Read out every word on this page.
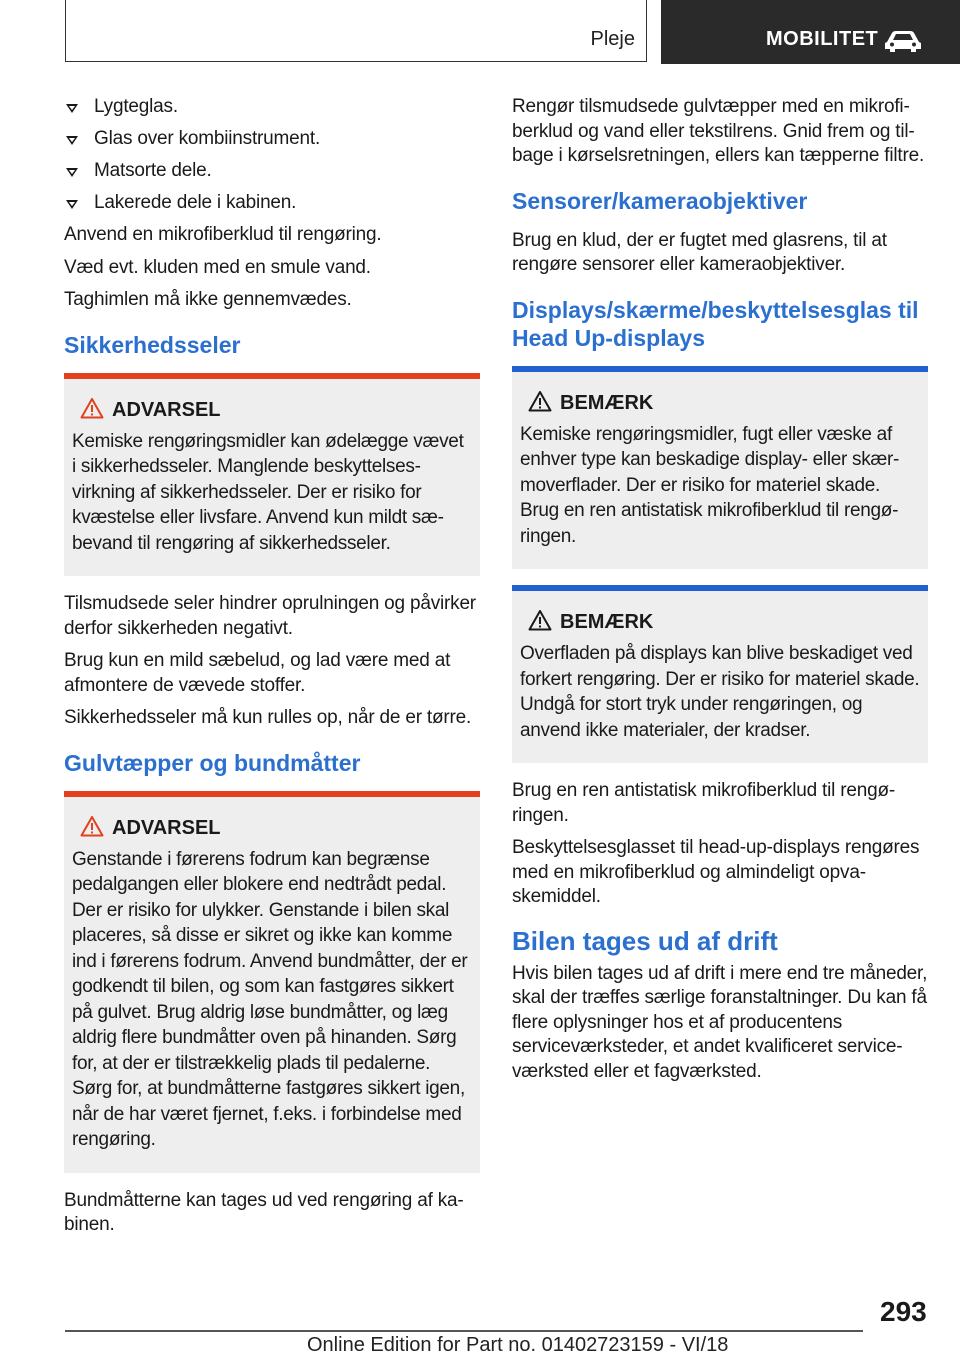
Pleje	MOBILITET
Lygteglas.
Glas over kombiinstrument.
Matsorte dele.
Lakerede dele i kabinen.

Anvend en mikrofiberklud til rengøring.

Væd evt. kluden med en smule vand.

Taghimlen må ikke gennemvædes.

Sikkerhedsseler
ADVARSEL
Kemiske rengøringsmidler kan ødelægge vævet i sikkerhedsseler. Manglende beskyttelsesvirkning af sikkerhedsseler. Der er risiko for kvæstelse eller livsfare. Anvend kun mildt sæbevand til rengøring af sikkerhedsseler.

Tilsmudsede seler hindrer oprulningen og påvirker derfor sikkerheden negativt.

Brug kun en mild sæbelud, og lad være med at afmontere de vævede stoffer.

Sikkerhedsseler må kun rulles op, når de er tørre.

Gulvtæpper og bundmåtter
ADVARSEL
Genstande i førerens fodrum kan begrænse pedalgangen eller blokere end nedtrådt pedal. Der er risiko for ulykker. Genstande i bilen skal placeres, så disse er sikret og ikke kan komme ind i førerens fodrum. Anvend bundmåtter, der er godkendt til bilen, og som kan fastgøres sikkert på gulvet. Brug aldrig løse bundmåtter, og læg aldrig flere bundmåtter oven på hinanden. Sørg for, at der er tilstrækkelig plads til pedalerne. Sørg for, at bundmåtterne fastgøres sikkert igen, når de har været fjernet, f.eks. i forbindelse med rengøring.

Bundmåtterne kan tages ud ved rengøring af kabinen.

Rengør tilsmudsede gulvtæpper med en mikrofiberklud og vand eller tekstilrens. Gnid frem og tilbage i kørselsretningen, ellers kan tæpperne filtre.

Sensorer/kameraobjektiver

Brug en klud, der er fugtet med glasrens, til at rengøre sensorer eller kameraobjektiver.

Displays/skærme/beskyttelsesglas til Head Up-displays
BEMÆRK
Kemiske rengøringsmidler, fugt eller væske af enhver type kan beskadige display- eller skærmoverflader. Der er risiko for materiel skade. Brug en ren antistatisk mikrofiberklud til rengøringen.
BEMÆRK
Overfladen på displays kan blive beskadiget ved forkert rengøring. Der er risiko for materiel skade. Undgå for stort tryk under rengøringen, og anvend ikke materialer, der kradser.

Brug en ren antistatisk mikrofiberklud til rengøringen.

Beskyttelsesglasset til head-up-displays rengøres med en mikrofiberklud og almindeligt opvaskemiddel.

Bilen tages ud af drift

Hvis bilen tages ud af drift i mere end tre måneder, skal der træffes særlige foranstaltninger. Du kan få flere oplysninger hos et af producentens serviceværksteder, et andet kvalificeret serviceværksted eller et fagværksted.

293
Online Edition for Part no. 01402723159 - VI/18
